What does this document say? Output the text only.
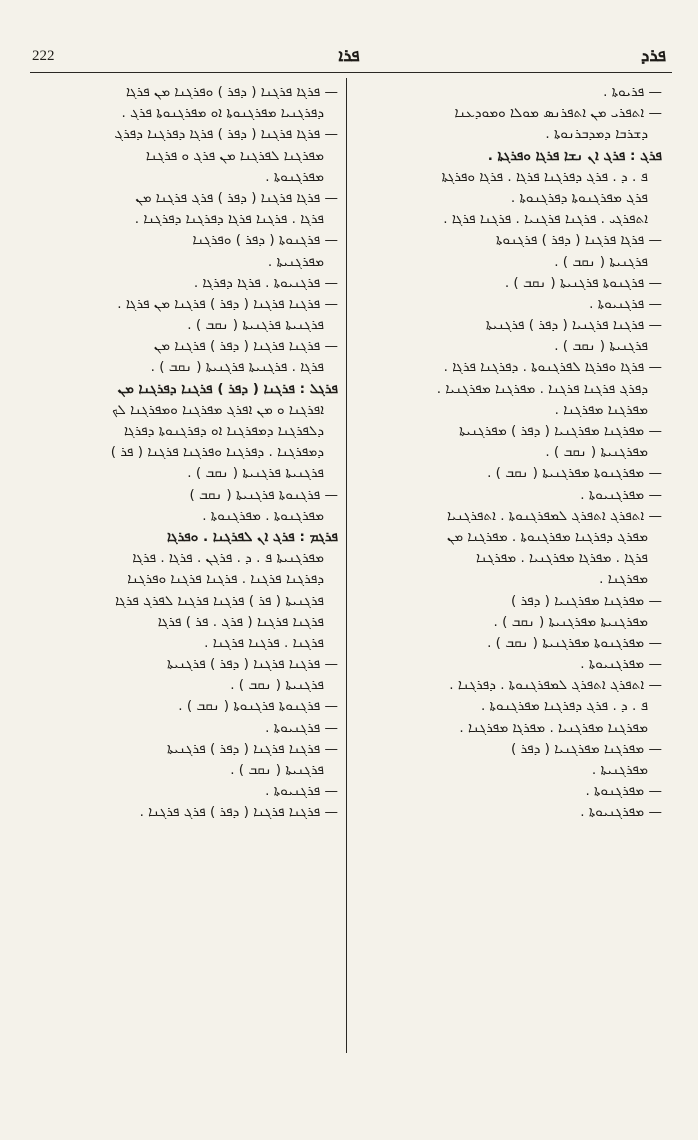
222	ܦܪܐ	ܦܪܕ
— ܦܪܝܘܬܐ .
— ܐܬܦܪܝ ܡܢ ܐܬܦܪܢܣ ܡܘܠܐ ܘܡܘܕܥܢܐ
ܕܫܪܒܐ ܕܡܕܒܪܢܘܬܐ .
ܦܪܓ : ܦܪܓ ܐܢ ܢܫܐ ܦܪܓܐ ܘܦܪܓܬܐ .
ܦ . ܕ . ܦܪܓ ܕܦܪܓܢܐ ܦܪܓܐ . ܦܪܓܐ ܘܦܪܓܬܐ
ܦܪܓ ܡܦܪܓܢܘܬܐ ܕܦܪܓܢܘܬܐ .
ܐܬܦܪܓܝ . ܦܪܓܢܐ ܦܪܓܢܝܐ . ܦܪܓܢܐ ܦܪܓܐ .
— ܦܪܓܐ ܦܪܓܢܐ ( ܕܦܪ ) ܦܪܓܢܘܬܐ
ܦܪܓܢܝܬܐ ( ܢܩܒ ) .
— ܦܪܓܢܘܬܐ ܦܪܓܢܝܬܐ ( ܢܩܒ ) .
— ܦܪܓܢܝܘܬܐ .
— ܦܪܓܢܐ ܦܪܓܢܝܐ ( ܕܦܪ ) ܦܪܓܢܝܬܐ
ܦܪܓܢܝܬܐ ( ܢܩܒ ) .
— ܦܪܓܐ ܘܦܪܓܐ ܠܦܪܓܢܘܬܐ . ܕܦܪܓܢܐ ܦܪܓܐ .
ܕܦܪܓ ܦܪܓܢܐ ܦܪܓܢܐ . ܡܦܪܓܢܐ ܡܦܪܓܢܝܐ .
ܡܦܪܓܢܐ ܡܦܪܓܢܐ .
— ܡܦܪܓܢܐ ܡܦܪܓܢܝܐ ( ܕܦܪ ) ܡܦܪܓܢܝܬܐ
ܡܦܪܓܢܝܬܐ ( ܢܩܒ ) .
— ܡܦܪܓܢܘܬܐ ܡܦܪܓܢܝܬܐ ( ܢܩܒ ) .
— ܡܦܪܓܢܝܘܬܐ .
— ܐܬܦܪܓ ܐܬܦܪܓ ܠܡܦܪܓܢܘܬܐ . ܐܬܦܪܓܢܝܐ
ܡܦܪܓ ܕܦܪܓܢܐ ܡܦܪܓܢܘܬܐ . ܡܦܪܓܢܐ ܡܢ
ܦܪܓܐ . ܡܦܪܓܐ ܡܦܪܓܢܝܐ . ܡܦܪܓܢܐ
ܡܦܪܓܢܐ .
— ܡܦܪܓܢܐ ܡܦܪܓܢܝܐ ( ܕܦܪ )
ܡܦܪܓܢܝܬܐ ܡܦܪܓܢܝܬܐ ( ܢܩܒ ) .
— ܡܦܪܓܢܘܬܐ ܡܦܪܓܢܝܬܐ ( ܢܩܒ ) .
— ܡܦܪܓܢܝܘܬܐ .
— ܐܬܦܪܓ ܐܬܦܪܓ ܠܡܦܪܓܢܘܬܐ . ܕܦܪܓܢܐ .
ܦ . ܕ . ܦܪܓ ܕܦܪܓܢܐ ܡܦܪܓܢܘܬܐ .
ܡܦܪܓܢܐ ܡܦܪܓܢܝܐ . ܡܦܪܓܐ ܡܦܪܓܢܐ .
— ܡܦܪܓܢܐ ܡܦܪܓܢܝܐ ( ܕܦܪ )
ܡܦܪܓܢܝܬܐ .
— ܡܦܪܓܢܘܬܐ .
— ܡܦܪܓܢܝܘܬܐ .
— ܦܪܓܐ ܦܪܓܢܐ ( ܕܦܪ ) ܘܦܪܓܢܐ ܡܢ ܦܪܓܐ
ܕܦܪܓܢܝܐ ܡܦܪܓܢܘܬܐ ܐܘ ܡܦܪܓܢܘܬܐ ܦܪܓ .
— ܦܪܓܐ ܦܪܓܢܐ ( ܕܦܪ ) ܦܪܓܐ ܕܦܪܓܢܐ ܕܦܪܓ
ܡܦܪܓܢܐ ܠܦܪܓܢܐ ܡܢ ܦܪܓ ܘ ܦܪܓܢܐ
ܡܦܪܓܢܘܬܐ .
— ܦܪܓܐ ܦܪܓܢܐ ( ܕܦܪ ) ܦܪܓ ܦܪܓܢܐ ܡܢ
ܦܪܓܐ . ܦܪܓܢܐ ܦܪܓܐ ܕܦܪܓܢܐ ܕܦܪܓܢܐ .
— ܦܪܓܢܘܬܐ ( ܕܦܪ ) ܘܦܪܓܢܐ
ܡܦܪܓܢܝܬܐ .
— ܦܪܓܢܝܘܬܐ . ܦܪܓܐ ܕܦܪܓܐ .
— ܦܪܓܢܐ ܦܪܓܢܐ ( ܕܦܪ ) ܦܪܓܢܐ ܡܢ ܦܪܓܐ .
ܦܪܓܢܝܬܐ ܦܪܓܢܝܬܐ ( ܢܩܒ ) .
— ܦܪܓܢܐ ܦܪܓܢܐ ( ܕܦܪ ) ܦܪܓܢܐ ܡܢ
ܦܪܓܐ . ܦܪܓܢܝܬܐ ܦܪܓܢܝܬܐ ( ܢܩܒ ) .
ܦܪܓܠ : ܦܪܓܢܐ ( ܕܦܪ ) ܦܪܓܢܐ ܕܦܪܓܢܐ ܡܢ
ܐܦܪܓܢܐ ܘ ܡܢ ܐܦܪܓ ܡܦܪܓܢܐ ܘܡܦܪܓܢܐ ܠܟ
ܕܠܦܪܓܢܐ ܕܡܦܪܓܢܐ ܐܘ ܕܦܪܓܢܘܬܐ ܕܦܪܓܐ
ܕܡܦܪܓܢܐ . ܕܦܪܓܢܐ ܘܦܪܓܢܐ ܦܪܓܢܐ ( ܦܪ )
ܦܪܓܢܝܬܐ ܦܪܓܢܝܬܐ ( ܢܩܒ ) .
— ܦܪܓܢܘܬܐ ܦܪܓܢܝܬܐ ( ܢܩܒ )
ܡܦܪܓܢܘܬܐ . ܡܦܪܓܢܘܬܐ .
ܦܪܓܡ : ܦܪܓ ܐܢ ܠܦܪܓܢܐ . ܘܦܪܓܐ
ܡܦܪܓܢܝܬܐ ܦ . ܕ . ܦܪܓܢ . ܦܪܓܐ . ܦܪܓܐ
ܕܦܪܓܢܐ ܦܪܓܢܐ . ܦܪܓܢܐ ܦܪܓܢܐ ܘܦܪܓܢܐ
ܦܪܓܢܝܬܐ ( ܦܪ ) ܦܪܓܢܐ ܦܪܓܢܐ ܠܦܪܓ ܦܪܓܐ
ܦܪܓܢܐ ܦܪܓܢܐ ( ܦܪܓ . ܦܪ ) ܦܪܓܐ
ܦܪܓܢܐ . ܦܪܓܢܐ ܦܪܓܢܐ .
— ܦܪܓܢܐ ܦܪܓܢܐ ( ܕܦܪ ) ܦܪܓܢܝܬܐ
ܦܪܓܢܝܬܐ ( ܢܩܒ ) .
— ܦܪܓܢܘܬܐ ܦܪܓܢܘܬܐ ( ܢܩܒ ) .
— ܦܪܓܢܝܘܬܐ .
— ܦܪܓܢܐ ܦܪܓܢܐ ( ܕܦܪ ) ܦܪܓܢܝܬܐ
ܦܪܓܢܝܬܐ ( ܢܩܒ ) .
— ܦܪܓܢܝܘܬܐ .
— ܦܪܓܢܐ ܦܪܓܢܐ ( ܕܦܪ ) ܦܪܓ ܦܪܓܢܐ .
